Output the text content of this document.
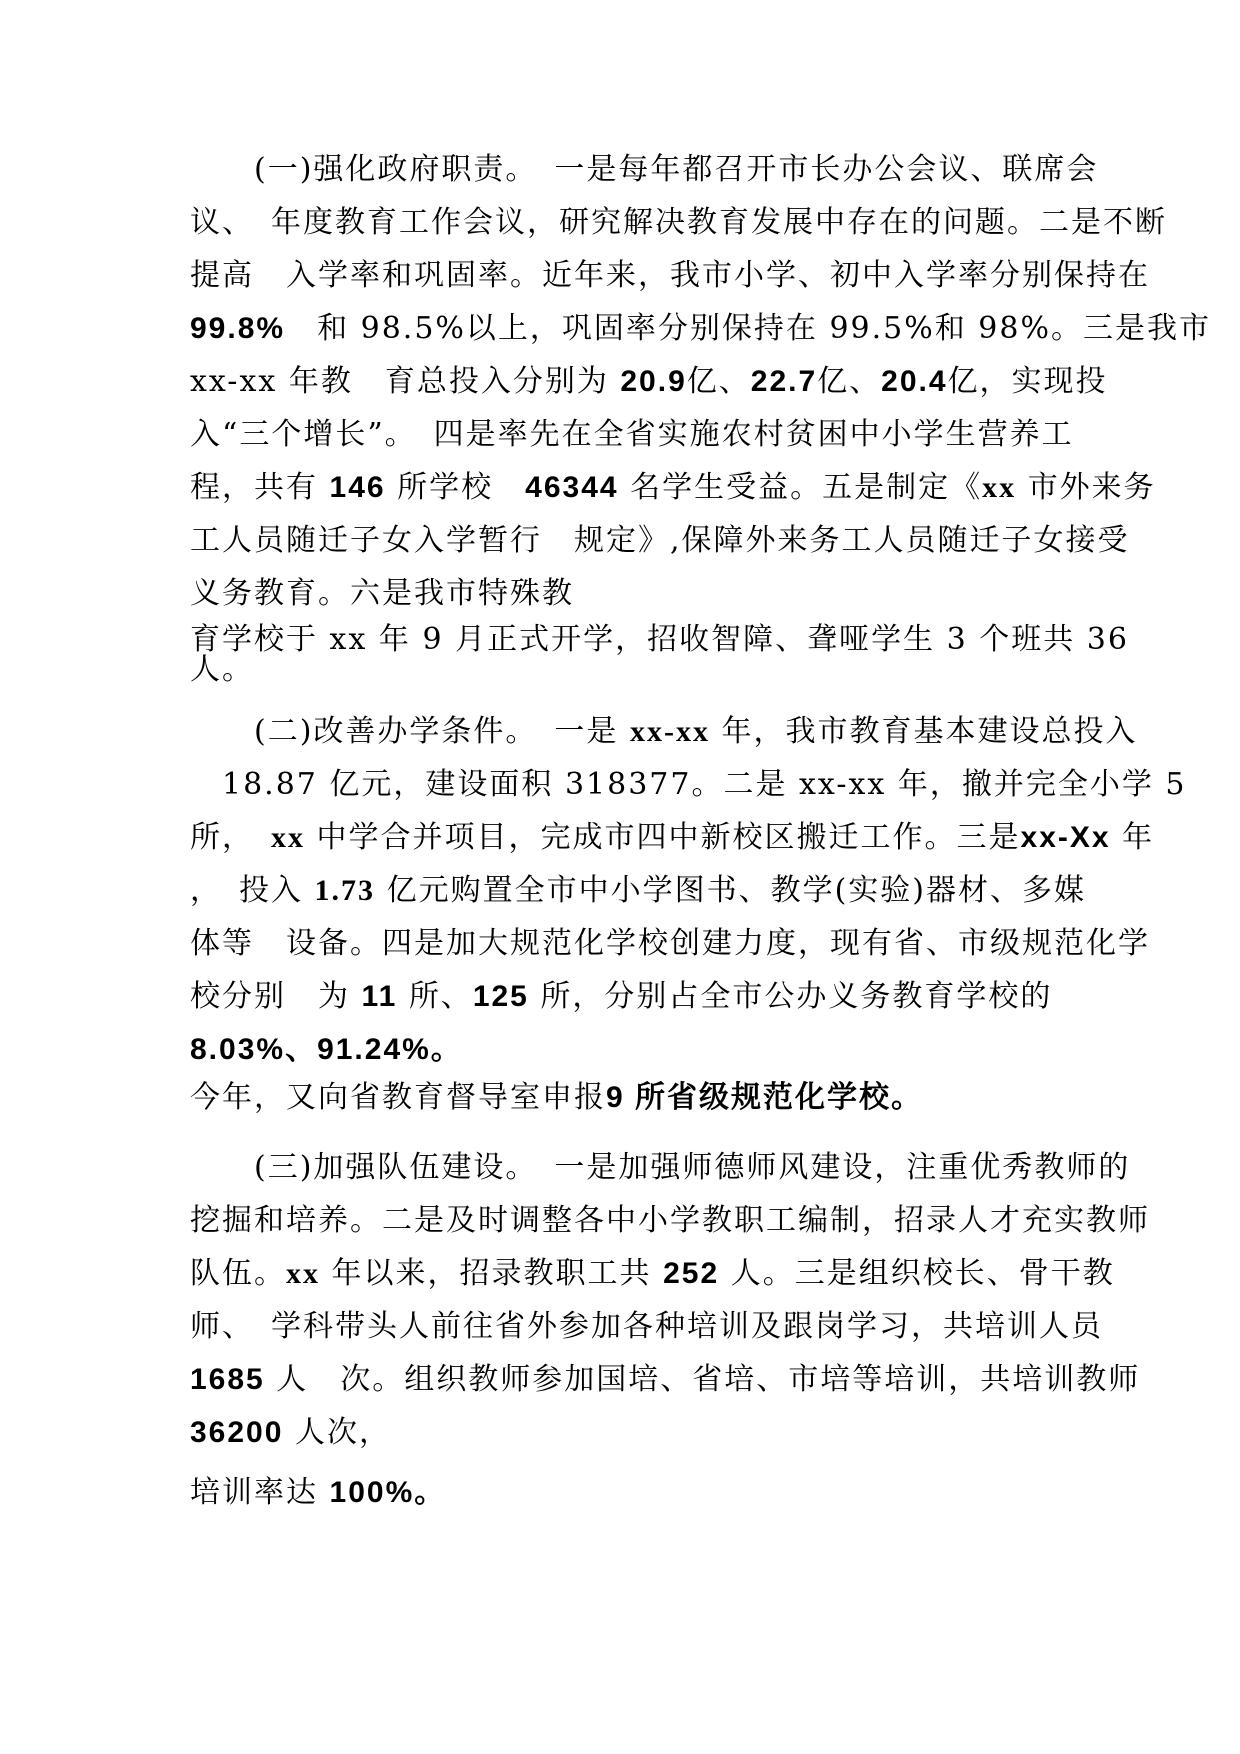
　　(一)强化政府职责。　一是每年都召开市长办公会议、联席会
议、　年度教育工作会议，研究解决教育发展中存在的问题。二是不断
提高　入学率和巩固率。近年来，我市小学、初中入学率分别保持在
99.8%　和 98.5%以上，巩固率分别保持在 99.5%和 98%。三是我市
xx-xx 年教　育总投入分别为 20.9亿、22.7亿、20.4亿，实现投
入“三个增长”。　四是率先在全省实施农村贫困中小学生营养工
程，共有 146 所学校　 46344 名学生受益。五是制定《xx 市外来务
工人员随迁子女入学暂行　规定》,保障外来务工人员随迁子女接受
义务教育。六是我市特殊教
育学校于 xx 年 9 月正式开学，招收智障、聋哑学生 3 个班共 36
人。
　　(二)改善办学条件。　一是 xx-xx 年，我市教育基本建设总投入
　18.87 亿元，建设面积 318377。二是 xx-xx 年，撤并完全小学 5
所，　 xx 中学合并项目，完成市四中新校区搬迁工作。三是xx-Xx 年
，　投入 1.73 亿元购置全市中小学图书、教学(实验)器材、多媒
体等　设备。四是加大规范化学校创建力度，现有省、市级规范化学
校分别　为 11 所、125 所，分别占全市公办义务教育学校的
8.03%、91.24%。
今年，又向省教育督导室申报9 所省级规范化学校。
　　(三)加强队伍建设。　一是加强师德师风建设，注重优秀教师的
挖掘和培养。二是及时调整各中小学教职工编制，招录人才充实教师
队伍。xx 年以来，招录教职工共 252 人。三是组织校长、骨干教
师、　学科带头人前往省外参加各种培训及跟岗学习，共培训人员
1685 人　次。组织教师参加国培、省培、市培等培训，共培训教师
36200 人次，
培训率达 100%。
